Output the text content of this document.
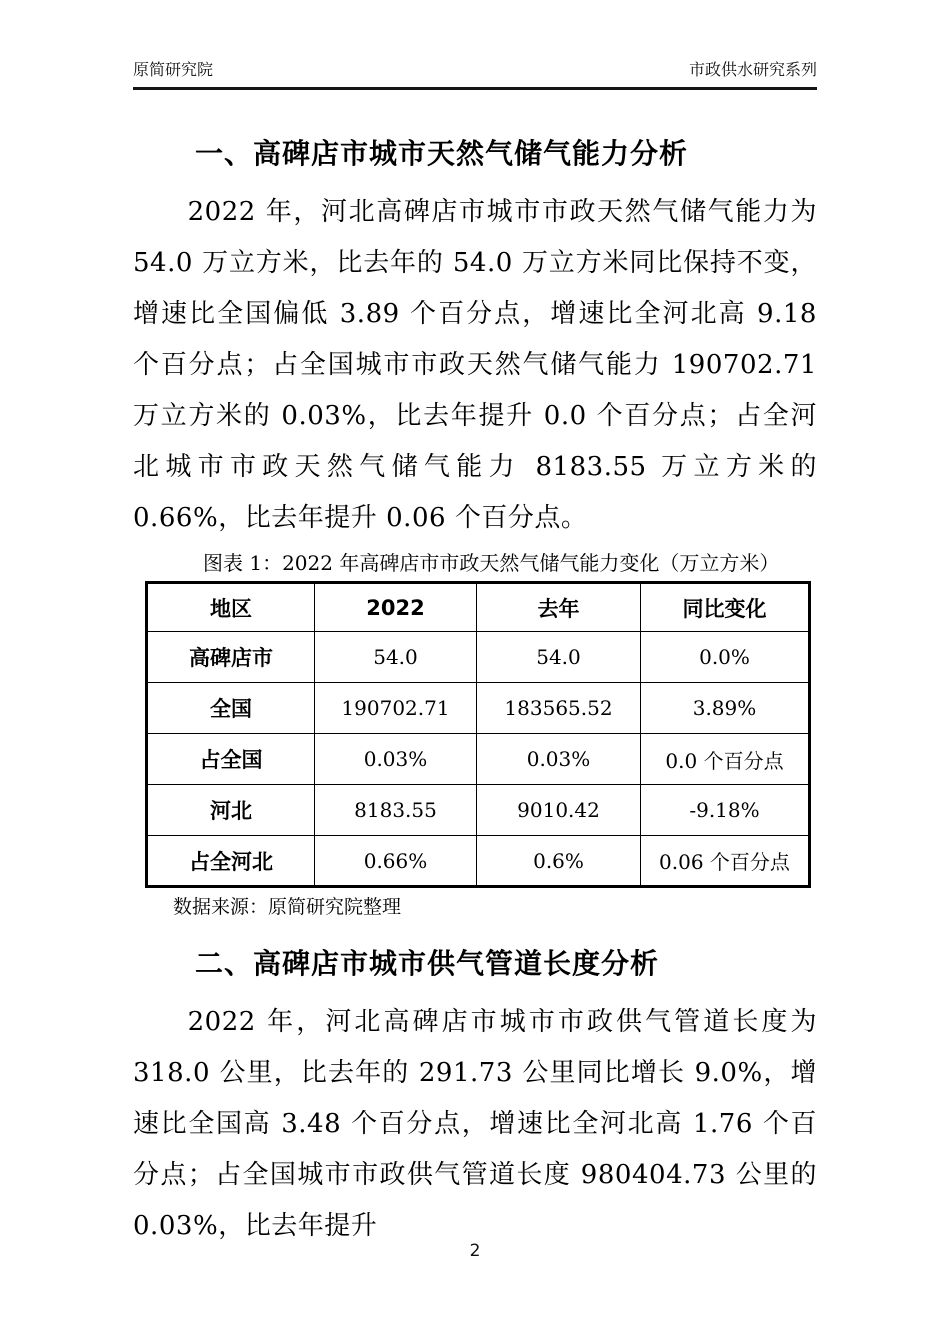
原简研究院	市政供水研究系列
一、高碑店市城市天然气储气能力分析

2022 年，河北高碑店市城市市政天然气储气能力为 54.0 万立方米，比去年的 54.0 万立方米同比保持不变，增速比全国偏低 3.89 个百分点，增速比全河北高 9.18 个百分点；占全国城市市政天然气储气能力 190702.71 万立方米的 0.03%，比去年提升 0.0 个百分点；占全河北城市市政天然气储气能力 8183.55 万立方米的 0.66%，比去年提升 0.06 个百分点。

图表 1：2022 年高碑店市市政天然气储气能力变化（万立方米）
地区	2022	去年	同比变化
高碑店市	54.0	54.0	0.0%
全国	190702.71	183565.52	3.89%
占全国	0.03%	0.03%	0.0 个百分点
河北	8183.55	9010.42	-9.18%
占全河北	0.66%	0.6%	0.06 个百分点
数据来源：原简研究院整理
二、高碑店市城市供气管道长度分析

2022 年，河北高碑店市城市市政供气管道长度为 318.0 公里，比去年的 291.73 公里同比增长 9.0%，增速比全国高 3.48 个百分点，增速比全河北高 1.76 个百分点；占全国城市市政供气管道长度 980404.73 公里的 0.03%，比去年提升

2
